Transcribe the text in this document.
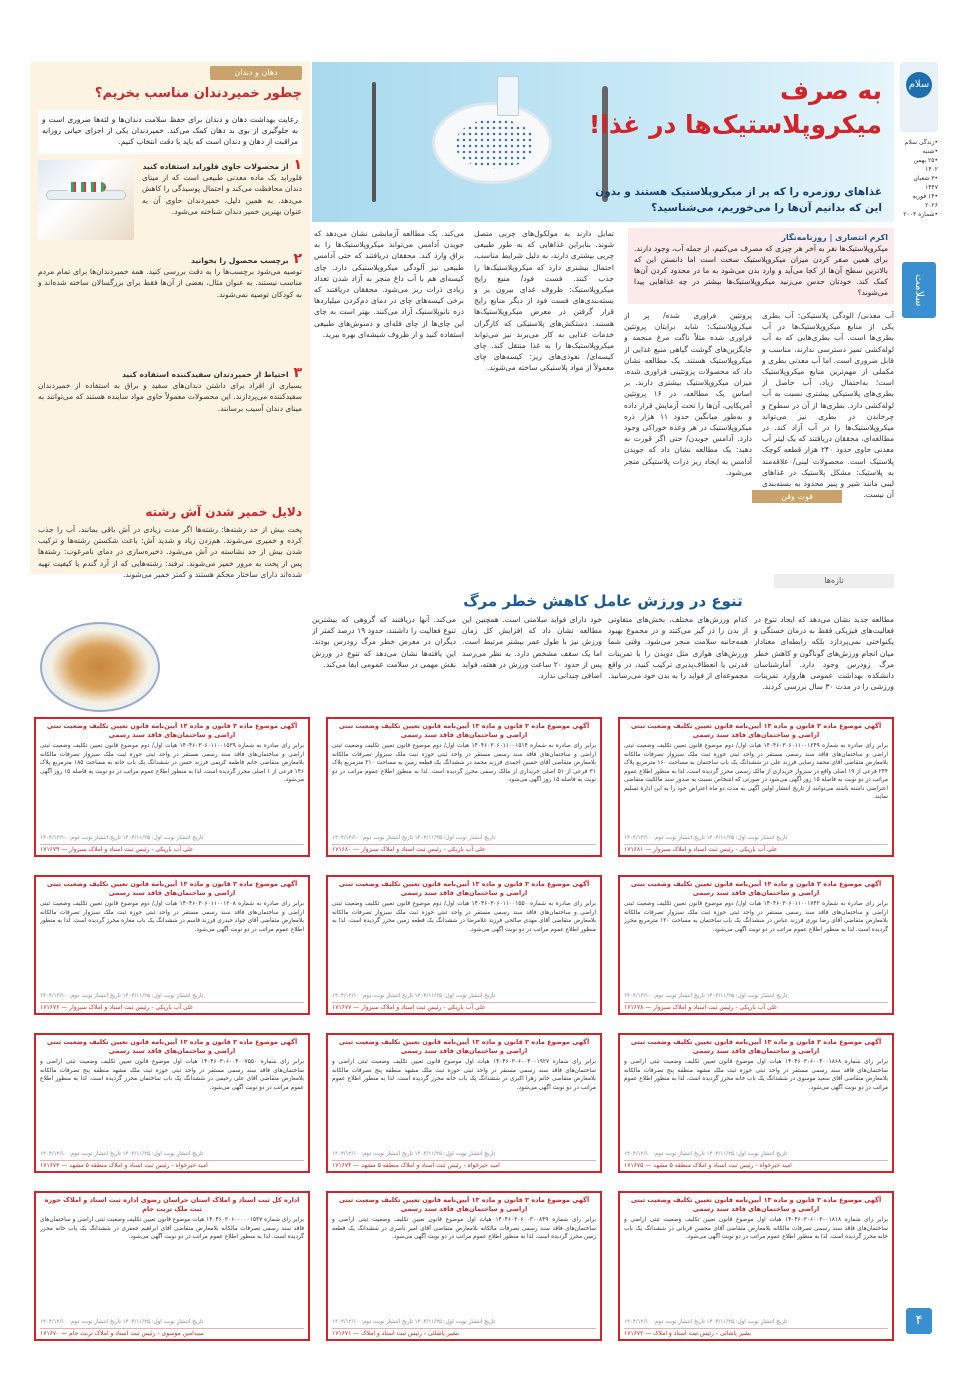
سلام
•زندگی سلام
•شنبه
•۲۵ بهمن ۱۴۰۲
•۳ شعبان ۱۴۴۷
•۱۴ فوریه ۲۰۲۶
•شماره ۲۰۰۳
سلامت
۴
به صرف میکروپلاستیک‌ها در غذا!
غذاهای روزمره را که پر از میکروپلاستیک هستند و بدون این که بدانیم آن‌ها را می‌خوریم، می‌شناسید؟
اکرم انتصاری | روزنامه‌نگار
میکروپلاستیک‌ها نفر به‌ آخر هر چیزی که مصرف می‌کنیم، از جمله آب، وجود دارند. برای همین صفر کردن میزان میکروپلاستیک سخت است اما دانستن این که بالاترین سطح آن‌ها از کجا می‌آید و وارد بدن می‌شود به ما در محدود کردن آن‌ها کمک کند. خودتان حدس می‌زنید میکروپلاستیک‌ها بیشتر در چه غذاهایی پیدا می‌شوند؟
آب معدنی/ الودگی پلاستیکی: آب بطری یکی از منابع میکروپلاستیک‌ها در آب بطری‌ها است. آب بطری‌هایی که به آب لوله‌کشی تمیز دسترسی ندارند، مناسب و قابل ضروری است. اما آب معدنی بطری و مکملی از مهم‌ترین منابع میکروپلاستیک است؛ به‌احتمال زیاد، آب حاصل از بطری‌های پلاستیکی بیشتری نسبت به آب لوله‌کشی دارد. بطری‌ها از آن در سطوح و چرخاندن در بطری نیز می‌تواند میکروپلاستیک‌ها را در آب آزاد کند. در مطالعه‌ای، محققان دریافتند که یک لیتر آب معدنی حاوی حدود ۲۴۰ هزار قطعه کوچک پلاستیک است. محصولات لبنی/ علاقه‌مند به پلاستیک: مشکل پلاستیک در غذاهای لبنی مانند شیر و پنیر محدود به بسته‌بندی آن نیست.
پروتئین فراوری شده/ پر از میکروپلاستیک: شاید برایتان پروتئین فراوری شده مثلاً ناگت مرغ منجمد و جایگزین‌های گوشت گیاهی منبع غذایی از میکروپلاستیک هستند. یک مطالعه نشان داد که محصولات پروتئینی فراوری شده، میزان میکروپلاستیک بیشتری دارند. بر اساس یک مطالعه، در ۱۶ پروتئین آمریکایی، آن‌ها را تحت آزمایش قرار داده و به‌طور میانگین حدود ۱۱ هزار ذره میکروپلاستیک در هر وعده خوراکی وجود دارد. آدامس جویدن/ حتی اگر قورت نه دهید: یک مطالعه نشان داد که جویدن آدامس به ایجاد ریز ذرات پلاستیکی منجر می‌شود.
تمایل دارند به مولکول‌های چربی متصل شوند. بنابراین غذاهایی که به طور طبیعی چربی بیشتری دارند، به دلیل شرایط مناسب، احتمال بیشتری دارد که میکروپلاستیک‌ها را جذب کنند. فست فود/ منبع رایج میکروپلاستیک: ظروف غذای بیرون بر و بسته‌بندی‌های فست فود از دیگر منابع رایج قرار گرفتن در معرض میکروپلاستیک‌ها هستند. دستکش‌های پلاستیکی که کارگران خدمات غذایی به کار می‌برند نیز می‌تواند میکروپلاستیک‌ها را به غذا منتقل کند. چای کیسه‌ای/ نفوذی‌های ریز: کیسه‌های چای معمولاً از مواد پلاستیکی ساخته می‌شوند.
می‌کند. یک مطالعه آزمایشی نشان می‌دهد که جویدن آدامس می‌تواند میکروپلاستیک‌ها را به بزاق وارد کند. محققان دریافتند که حتی آدامس طبیعی نیز آلودگی میکروپلاستیکی دارد. چای کیسه‌ای هم با آب داغ منجر به آزاد شدن تعداد زیادی ذرات ریز می‌شود. محققان دریافتند که برخی کیسه‌های چای در دمای دم‌کردن میلیاردها ذره نانوپلاستیک آزاد می‌کنند. بهتر است به جای این چای‌ها از چای فله‌ای و دمنوش‌های طبیعی استفاده کنید و از ظروف شیشه‌ای بهره ببرید.
دهان و دندان
چطور خمیردندان مناسب بخریم؟
رعایت بهداشت دهان و دندان برای حفظ سلامت دندان‌ها و لثه‌ها ضروری است و به جلوگیری از بوی بد دهان کمک می‌کند. خمیردندان یکی از اجزای حیاتی روزانه مراقبت از دهان و دندان است که باید با دقت انتخاب کنیم.
۱ از محصولات حاوی فلوراید استفاده کنید
فلوراید یک ماده معدنی طبیعی است که از مینای دندان محافظت می‌کند و احتمال پوسیدگی را کاهش می‌دهد. به همین دلیل، خمیردندان حاوی آن به عنوان بهترین خمیر دندان شناخته می‌شود.
۲ برچسب محصول را بخوانید
توصیه می‌شود برچسب‌ها را به دقت بررسی کنید. همه خمیردندان‌ها برای تمام مردم مناسب نیستند. به عنوان مثال، بعضی از آن‌ها فقط برای بزرگسالان ساخته شده‌اند و به کودکان توصیه نمی‌شوند.
۳ احتیاط از خمیردندان سفیدکننده استفاده کنید
بسیاری از افراد برای داشتن دندان‌های سفید و براق به استفاده از خمیردندان سفیدکننده می‌پردازند. این محصولات معمولاً حاوی مواد ساینده هستند که می‌توانند به مینای دندان آسیب برسانند.
فوت وفن
دلایل خمیر شدن آش رشته
پخت بیش از حد رشته‌ها: رشته‌ها اگر مدت زیادی در آش باقی بمانند، آب را جذب کرده و خمیری می‌شوند. هم‌زدن زیاد و شدید آش: باعث شکستن رشته‌ها و ترکیب شدن بیش از حد نشاسته در آش می‌شود. ذخیره‌سازی در دمای نامرغوب: رشته‌ها پس از پخت به مرور خمیر می‌شوند. ترفند: رشته‌هایی که از آرد گندم یا کیفیت تهیه شده‌اند دارای ساختار محکم هستند و کمتر خمیر می‌شوند.
تازه‌ها
تنوع در ورزش عامل کاهش خطر مرگ
مطالعه جدید نشان می‌دهد که ایجاد تنوع در فعالیت‌های فیزیکی فقط به درمان خستگی و یکنواختی نمی‌پردازد بلکه رابطه‌ای معنادار میان انجام ورزش‌های گوناگون و کاهش خطر مرگ زودرس وجود دارد. آمارشناسان دانشکده بهداشت عمومی هاروارد تمرینات ورزشی را در مدت ۳۰ سال بررسی کردند.
کدام ورزش‌های مختلف، بخش‌های متفاوتی از بدن را در گیر می‌کنند و در مجموع بهبود همه‌جانبه سلامت منجر می‌شود. وقتی شما ورزش‌های هوازی مثل دویدن را با تمرینات قدرتی یا انعطاف‌پذیری ترکیب کنید، در واقع مجموعه‌ای از فواید را به بدن خود می‌رسانید.
خود دارای فواید سلامتی است. همچنین این مطالعه نشان داد که افزایش کل زمان ورزش نیز با طول عمر بیشتر مرتبط است. اما یک سقف مشخص دارد. به نظر می‌رسد پس از حدود ۲۰ ساعت ورزش در هفته، فواید اضافی چندانی ندارد.
می‌کند. آنها دریافتند که گروهی که بیشترین تنوع فعالیت را داشتند، حدود ۱۹ درصد کمتر از دیگران در معرض خطر مرگ زودرس بودند. این یافته‌ها نشان می‌دهد که تنوع در ورزش نقش مهمی در سلامت عمومی ایفا می‌کند.
آگهی موضوع ماده ۳ قانون و ماده ۱۳ آیین‌نامه قانون تعیین تکلیف وضعیت ثبتی اراضی و ساختمان‌های فاقد سند رسمی
برابر رای صادره به شماره ۱۴۰۴۶۰۳۰۶۰۱۱۰۰۱۲۴۹ هیات اول/ دوم موضوع قانون تعیین تکلیف وضعیت ثبتی اراضی و ساختمان‌های فاقد سند رسمی مستقر در واحد ثبتی حوزه ثبت ملک سبزوار تصرفات مالکانه بلامعارض متقاضی آقای محمد رضایی فرزند علی در ششدانگ یک باب ساختمان به مساحت ۱۶۰ مترمربع پلاک ۲۴۴ فرعی از ۱۹ اصلی واقع در سبزوار خریداری از مالک رسمی محرز گردیده است. لذا به منظور اطلاع عموم مراتب در دو نوبت به فاصله ۱۵ روز آگهی می‌شود در صورتی که اشخاص نسبت به صدور سند مالکیت متقاضی اعتراضی داشته باشند می‌توانند از تاریخ انتشار اولین آگهی به مدت دو ماه اعتراض خود را به این اداره تسلیم نمایند.
تاریخ انتشار نوبت اول: ۱۴۰۴/۱۱/۲۵ تاریخ انتشار نوبت دوم: ۱۴۰۴/۱۲/۱۰
علی آب باریکی - رئیس ثبت اسناد و املاک سبزوار — ۱۷۱۶۸۱
آگهی موضوع ماده ۳ قانون و ماده ۱۳ آیین‌نامه قانون تعیین تکلیف وضعیت ثبتی اراضی و ساختمان‌های فاقد سند رسمی
برابر رای صادره به شماره ۱۴۰۴۶۰۳۰۶۰۱۱۰۰۱۵۱۴ هیات اول/ دوم موضوع قانون تعیین تکلیف وضعیت ثبتی اراضی و ساختمان‌های فاقد سند رسمی مستقر در واحد ثبتی حوزه ثبت ملک سبزوار تصرفات مالکانه بلامعارض متقاضی آقای حسین احمدی فرزند محمد در ششدانگ یک قطعه زمین به مساحت ۲۱۰ مترمربع پلاک ۳۱ فرعی از ۵۱ اصلی خریداری از مالک رسمی محرز گردیده است. لذا به منظور اطلاع عموم مراتب در دو نوبت به فاصله ۱۵ روز آگهی می‌شود.
تاریخ انتشار نوبت اول: ۱۴۰۴/۱۱/۲۵ تاریخ انتشار نوبت دوم: ۱۴۰۴/۱۲/۱۰
علی آب باریکی - رئیس ثبت اسناد و املاک سبزوار — ۱۷۱۶۸۰
آگهی موضوع ماده ۳ قانون و ماده ۱۳ آیین‌نامه قانون تعیین تکلیف وضعیت ثبتی اراضی و ساختمان‌های فاقد سند رسمی
برابر رای صادره به شماره ۱۴۰۴۶۰۳۰۶۰۱۱۰۰۱۵۳۹ هیات اول/ دوم موضوع قانون تعیین تکلیف وضعیت ثبتی اراضی و ساختمان‌های فاقد سند رسمی مستقر در واحد ثبتی حوزه ثبت ملک سبزوار تصرفات مالکانه بلامعارض متقاضی خانم فاطمه کریمی فرزند حسن در ششدانگ یک باب خانه به مساحت ۱۸۵ مترمربع پلاک ۱۴۶ فرعی از ۱ اصلی محرز گردیده است. لذا به منظور اطلاع عموم مراتب در دو نوبت به فاصله ۱۵ روز آگهی می‌شود.
تاریخ انتشار نوبت اول: ۱۴۰۴/۱۱/۲۵ تاریخ انتشار نوبت دوم: ۱۴۰۴/۱۲/۱۰
علی آب باریکی - رئیس ثبت اسناد و املاک سبزوار — ۱۷۱۶۷۹
آگهی موضوع ماده ۳ قانون و ماده ۱۳ آیین‌نامه قانون تعیین تکلیف وضعیت ثبتی اراضی و ساختمان‌های فاقد سند رسمی
برابر رای صادره به شماره ۱۴۰۴۶۰۳۰۶۰۱۱۰۰۱۷۴۲ هیات اول/ دوم موضوع قانون تعیین تکلیف وضعیت ثبتی اراضی و ساختمان‌های فاقد سند رسمی مستقر در واحد ثبتی حوزه ثبت ملک سبزوار تصرفات مالکانه بلامعارض متقاضی آقای رضا نوری فرزند عباس در ششدانگ یک باب ساختمان به مساحت ۱۲۰ مترمربع محرز گردیده است. لذا به منظور اطلاع عموم مراتب در دو نوبت آگهی می‌شود.
تاریخ انتشار نوبت اول: ۱۴۰۴/۱۱/۲۵ تاریخ انتشار نوبت دوم: ۱۴۰۴/۱۲/۱۰
علی آب باریکی - رئیس ثبت اسناد و املاک سبزوار — ۱۷۱۶۷۸
آگهی موضوع ماده ۳ قانون و ماده ۱۳ آیین‌نامه قانون تعیین تکلیف وضعیت ثبتی اراضی و ساختمان‌های فاقد سند رسمی
برابر رای صادره به شماره ۱۴۰۴۶۰۳۰۶۰۱۱۰۰۱۵۵۰ هیات اول/ دوم موضوع قانون تعیین تکلیف وضعیت ثبتی اراضی و ساختمان‌های فاقد سند رسمی مستقر در واحد ثبتی حوزه ثبت ملک سبزوار تصرفات مالکانه بلامعارض متقاضی آقای مهدی صالحی فرزند غلامرضا در ششدانگ یک قطعه زمین محرز گردیده است. لذا به منظور اطلاع عموم مراتب در دو نوبت آگهی می‌شود.
تاریخ انتشار نوبت اول: ۱۴۰۴/۱۱/۲۵ تاریخ انتشار نوبت دوم: ۱۴۰۴/۱۲/۱۰
علی آب باریکی - رئیس ثبت اسناد و املاک سبزوار — ۱۷۱۶۷۷
آگهی موضوع ماده ۳ قانون و ماده ۱۳ آیین‌نامه قانون تعیین تکلیف وضعیت ثبتی اراضی و ساختمان‌های فاقد سند رسمی
برابر رای صادره به شماره ۱۴۰۴۶۰۳۰۶۰۱۱۰۰۱۲۰۸ هیات اول/ دوم موضوع قانون تعیین تکلیف وضعیت ثبتی اراضی و ساختمان‌های فاقد سند رسمی مستقر در واحد ثبتی حوزه ثبت ملک سبزوار تصرفات مالکانه بلامعارض متقاضی آقای جواد حیدری فرزند قاسم در ششدانگ یک باب مغازه محرز گردیده است. لذا به منظور اطلاع عموم مراتب در دو نوبت آگهی می‌شود.
تاریخ انتشار نوبت اول: ۱۴۰۴/۱۱/۲۵ تاریخ انتشار نوبت دوم: ۱۴۰۴/۱۲/۱۰
علی آب باریکی - رئیس ثبت اسناد و املاک سبزوار — ۱۷۱۶۷۶
آگهی موضوع ماده ۳ قانون و ماده ۱۳ آیین‌نامه قانون تعیین تکلیف وضعیت ثبتی اراضی و ساختمان‌های فاقد سند رسمی
برابر رای شماره ۱۴۰۴۶۰۳۰۶۰۰۴۰۰۱۸۶۸ هیات اول موضوع قانون تعیین تکلیف وضعیت ثبتی اراضی و ساختمان‌های فاقد سند رسمی مستقر در واحد ثبتی حوزه ثبت ملک مشهد منطقه پنج تصرفات مالکانه بلامعارض متقاضی آقای سعید موسوی در ششدانگ یک باب خانه محرز گردیده است. لذا به منظور اطلاع عموم مراتب در دو نوبت آگهی می‌شود.
تاریخ انتشار نوبت اول: ۱۴۰۴/۱۱/۲۵ تاریخ انتشار نوبت دوم: ۱۴۰۴/۱۲/۱۰
امید خیرخواه - رئیس ثبت اسناد و املاک منطقه ۵ مشهد — ۱۷۱۶۷۵
آگهی موضوع ماده ۳ قانون و ماده ۱۳ آیین‌نامه قانون تعیین تکلیف وضعیت ثبتی اراضی و ساختمان‌های فاقد سند رسمی
برابر رای شماره ۱۴۰۴۶۰۳۰۶۰۰۴۰۰۱۹۲۷ هیات اول موضوع قانون تعیین تکلیف وضعیت ثبتی اراضی و ساختمان‌های فاقد سند رسمی مستقر در واحد ثبتی حوزه ثبت ملک مشهد منطقه پنج تصرفات مالکانه بلامعارض متقاضی خانم زهرا اکبری در ششدانگ یک باب خانه محرز گردیده است. لذا به منظور اطلاع عموم مراتب در دو نوبت آگهی می‌شود.
تاریخ انتشار نوبت اول: ۱۴۰۴/۱۱/۲۵ تاریخ انتشار نوبت دوم: ۱۴۰۴/۱۲/۱۰
امید خیرخواه - رئیس ثبت اسناد و املاک منطقه ۵ مشهد — ۱۷۱۶۷۴
آگهی موضوع ماده ۳ قانون و ماده ۱۳ آیین‌نامه قانون تعیین تکلیف وضعیت ثبتی اراضی و ساختمان‌های فاقد سند رسمی
برابر رای شماره ۱۴۰۴۶۰۳۰۶۰۰۴۰۰۷۵۵۰ هیات اول موضوع قانون تعیین تکلیف وضعیت ثبتی اراضی و ساختمان‌های فاقد سند رسمی مستقر در واحد ثبتی حوزه ثبت ملک مشهد منطقه پنج تصرفات مالکانه بلامعارض متقاضی آقای علی رحیمی در ششدانگ یک باب ساختمان محرز گردیده است. لذا به منظور اطلاع عموم مراتب در دو نوبت آگهی می‌شود.
تاریخ انتشار نوبت اول: ۱۴۰۴/۱۱/۲۵ تاریخ انتشار نوبت دوم: ۱۴۰۴/۱۲/۱۰
امید خیرخواه - رئیس ثبت اسناد و املاک منطقه ۵ مشهد — ۱۷۱۶۷۳
آگهی موضوع ماده ۳ قانون و ماده ۱۳ آیین‌نامه قانون تعیین تکلیف وضعیت ثبتی اراضی و ساختمان‌های فاقد سند رسمی
برابر رای شماره ۱۴۰۴۶۰۳۰۶۰۰۳۰۰۱۸۱۸ هیات اول موضوع قانون تعیین تکلیف وضعیت ثبتی اراضی و ساختمان‌های فاقد سند رسمی تصرفات مالکانه بلامعارض متقاضی آقای محسن قربانی در ششدانگ یک باب خانه محرز گردیده است. لذا به منظور اطلاع عموم مراتب در دو نوبت آگهی می‌شود.
تاریخ انتشار نوبت اول: ۱۴۰۴/۱۱/۲۵ تاریخ انتشار نوبت دوم: ۱۴۰۴/۱۲/۱۰
بشیر پاشائی - رئیس ثبت اسناد و املاک — ۱۷۱۶۷۲
آگهی موضوع ماده ۳ قانون و ماده ۱۳ آیین‌نامه قانون تعیین تکلیف وضعیت ثبتی اراضی و ساختمان‌های فاقد سند رسمی
برابر رای شماره ۱۴۰۴۶۰۳۰۶۰۰۳۰۰۸۴۹ هیات اول موضوع قانون تعیین تکلیف وضعیت ثبتی اراضی و ساختمان‌های فاقد سند رسمی تصرفات مالکانه بلامعارض متقاضی آقای امیر ناصری در ششدانگ یک قطعه زمین محرز گردیده است. لذا به منظور اطلاع عموم مراتب در دو نوبت آگهی می‌شود.
تاریخ انتشار نوبت اول: ۱۴۰۴/۱۱/۲۵ تاریخ انتشار نوبت دوم: ۱۴۰۴/۱۲/۱۰
بشیر پاشائی - رئیس ثبت اسناد و املاک — ۱۷۱۶۷۱
اداره کل ثبت اسناد و املاک استان خراسان رضوی اداره ثبت اسناد و املاک حوزه ثبت ملک تربت جام
برابر رای شماره ۱۴۰۴۶۰۳۰۶۰۰۰۰۰۱۵۳۷ هیات موضوع قانون تعیین تکلیف وضعیت ثبتی اراضی و ساختمان‌های فاقد سند رسمی تصرفات مالکانه بلامعارض متقاضی آقای ابراهیم جعفری در ششدانگ یک باب خانه محرز گردیده است. لذا به منظور اطلاع عموم مراتب در دو نوبت آگهی می‌شود.
تاریخ انتشار نوبت اول: ۱۴۰۴/۱۱/۲۵ تاریخ انتشار نوبت دوم: ۱۴۰۴/۱۲/۱۰
سیدامین موسوی - رئیس ثبت اسناد و املاک تربت جام — ۱۷۱۶۷۰
